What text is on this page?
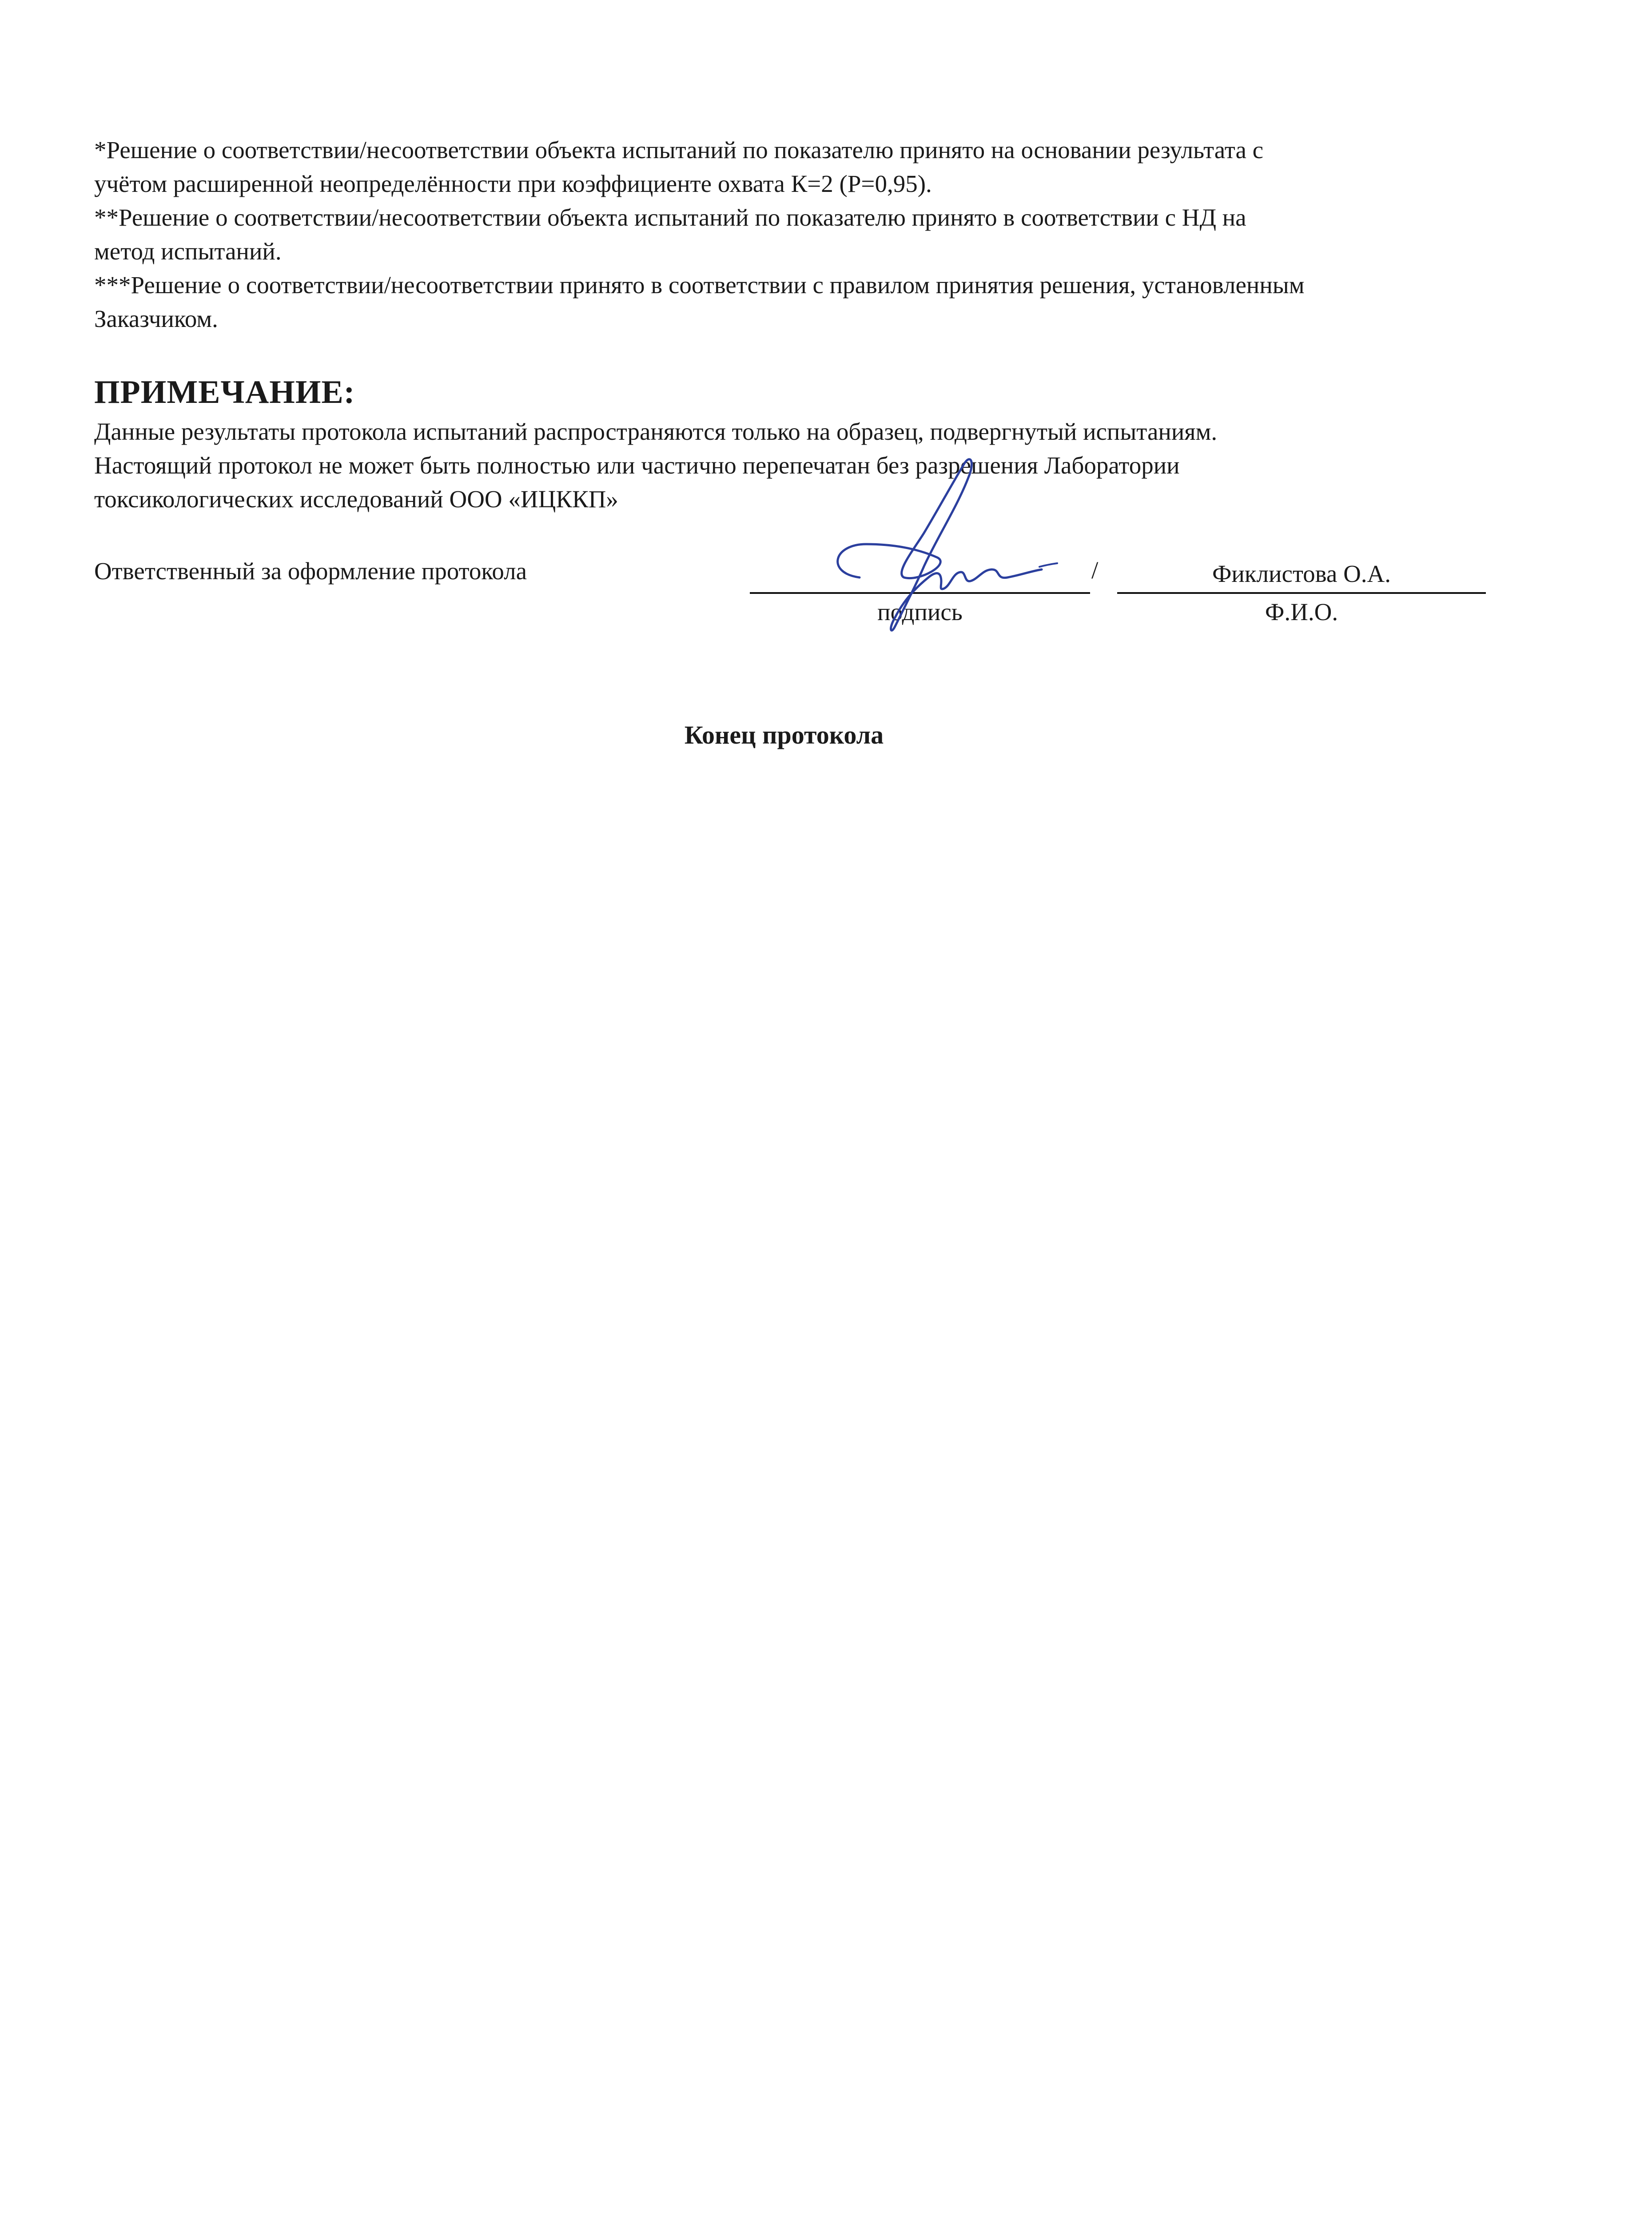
*Решение о соответствии/несоответствии объекта испытаний по показателю принято на основании результата с

учётом расширенной неопределённости при коэффициенте охвата К=2 (Р=0,95).

**Решение о соответствии/несоответствии объекта испытаний по показателю принято в соответствии с НД на

метод испытаний.

***Решение о соответствии/несоответствии принято в соответствии с правилом принятия решения, установленным

Заказчиком.

ПРИМЕЧАНИЕ:

Данные результаты протокола испытаний распространяются только на образец, подвергнутый испытаниям.

Настоящий протокол не может быть полностью или частично перепечатан без разрешения Лаборатории

токсикологических исследований ООО «ИЦККП»

Ответственный за оформление протокола	/	Фиклистова О.А.
подпись	Ф.И.О.
Конец протокола
